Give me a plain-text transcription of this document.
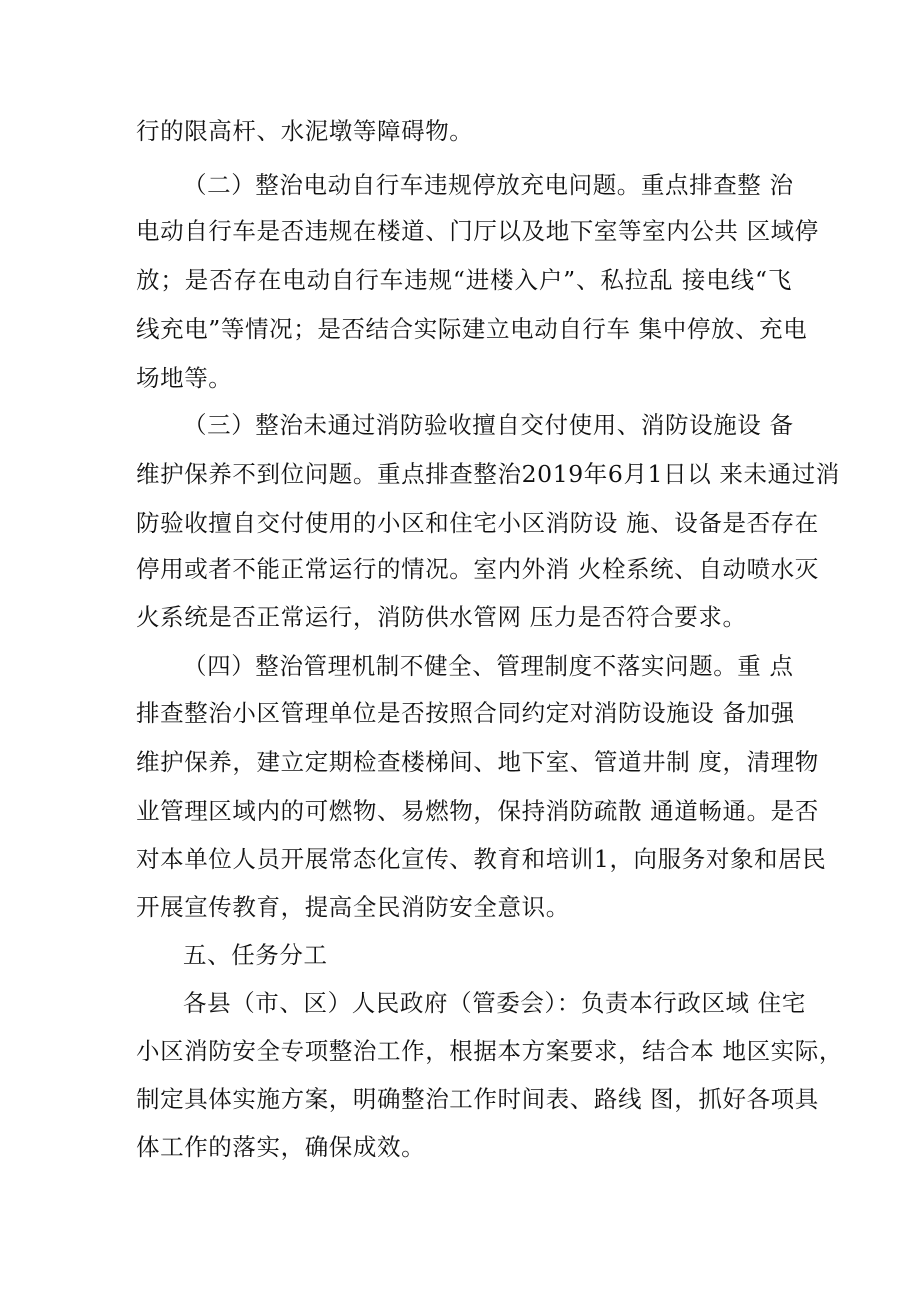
行的限高杆、水泥墩等障碍物。
（二）整治电动自行车违规停放充电问题。重点排查整 治
电动自行车是否违规在楼道、门厅以及地下室等室内公共 区域停
放；是否存在电动自行车违规“进楼入户”、私拉乱 接电线“飞
线充电”等情况；是否结合实际建立电动自行车 集中停放、充电
场地等。
（三）整治未通过消防验收擅自交付使用、消防设施设 备
维护保养不到位问题。重点排查整治2019年6月1日以 来未通过消
防验收擅自交付使用的小区和住宅小区消防设 施、设备是否存在
停用或者不能正常运行的情况。室内外消 火栓系统、自动喷水灭
火系统是否正常运行，消防供水管网 压力是否符合要求。
（四）整治管理机制不健全、管理制度不落实问题。重 点
排查整治小区管理单位是否按照合同约定对消防设施设 备加强
维护保养，建立定期检查楼梯间、地下室、管道井制 度，清理物
业管理区域内的可燃物、易燃物，保持消防疏散 通道畅通。是否
对本单位人员开展常态化宣传、教育和培训1，向服务对象和居民
开展宣传教育，提高全民消防安全意识。
五、任务分工
各县（市、区）人民政府（管委会）：负责本行政区域 住宅
小区消防安全专项整治工作，根据本方案要求，结合本 地区实际，
制定具体实施方案，明确整治工作时间表、路线 图，抓好各项具
体工作的落实，确保成效。
